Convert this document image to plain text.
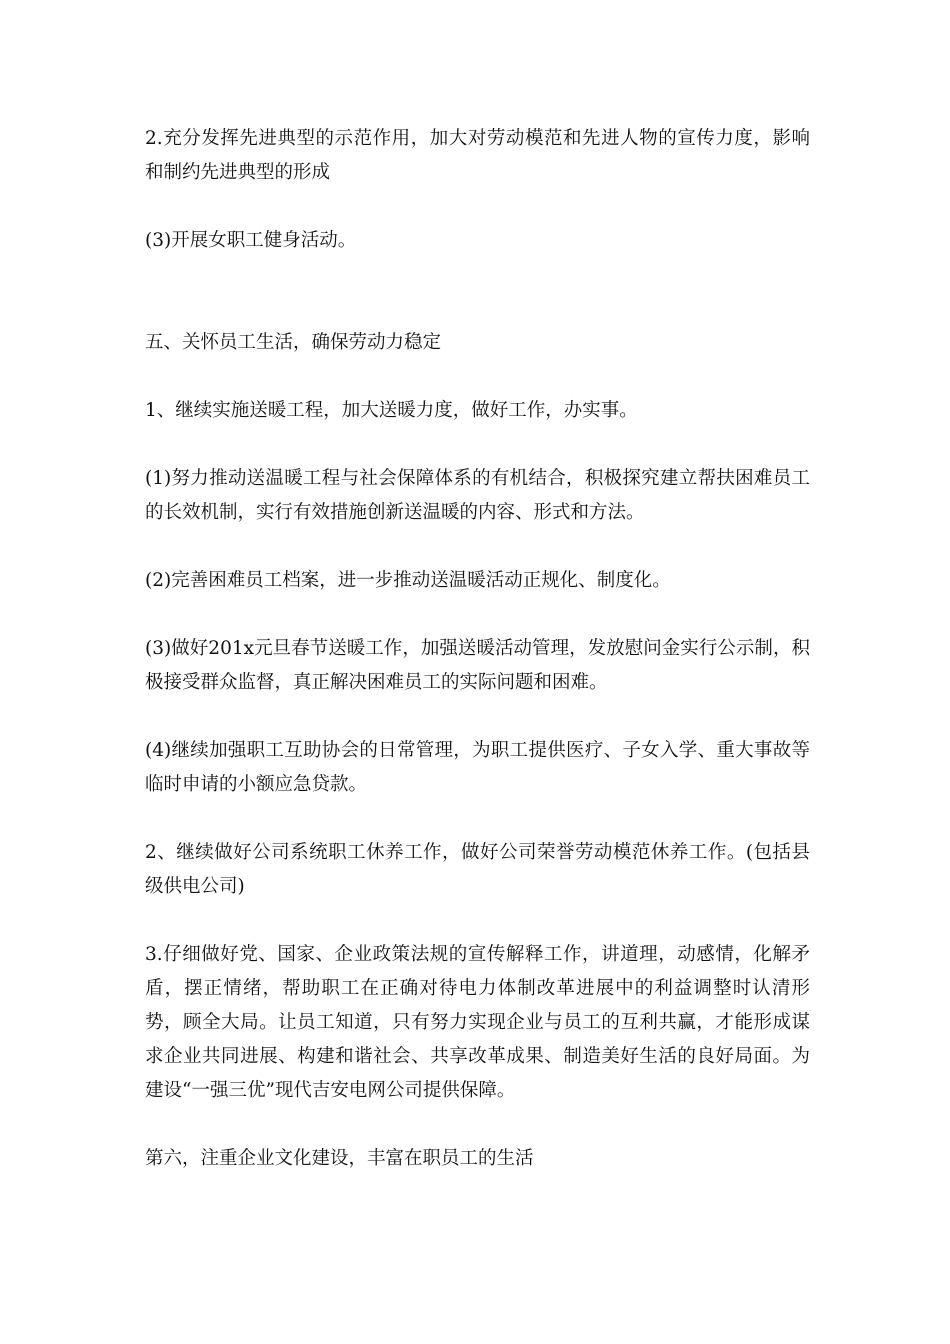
2.充分发挥先进典型的示范作用，加大对劳动模范和先进人物的宣传力度，影响和制约先进典型的形成

(3)开展女职工健身活动。

五、关怀员工生活，确保劳动力稳定

1、继续实施送暖工程，加大送暖力度，做好工作，办实事。

(1)努力推动送温暖工程与社会保障体系的有机结合，积极探究建立帮扶困难员工的长效机制，实行有效措施创新送温暖的内容、形式和方法。

(2)完善困难员工档案，进一步推动送温暖活动正规化、制度化。

(3)做好201x元旦春节送暖工作，加强送暖活动管理，发放慰问金实行公示制，积极接受群众监督，真正解决困难员工的实际问题和困难。

(4)继续加强职工互助协会的日常管理，为职工提供医疗、子女入学、重大事故等临时申请的小额应急贷款。

2、继续做好公司系统职工休养工作，做好公司荣誉劳动模范休养工作。(包括县级供电公司)

3.仔细做好党、国家、企业政策法规的宣传解释工作，讲道理，动感情，化解矛盾，摆正情绪，帮助职工在正确对待电力体制改革进展中的利益调整时认清形势，顾全大局。让员工知道，只有努力实现企业与员工的互利共赢，才能形成谋求企业共同进展、构建和谐社会、共享改革成果、制造美好生活的良好局面。为建设“一强三优”现代吉安电网公司提供保障。

第六，注重企业文化建设，丰富在职员工的生活
